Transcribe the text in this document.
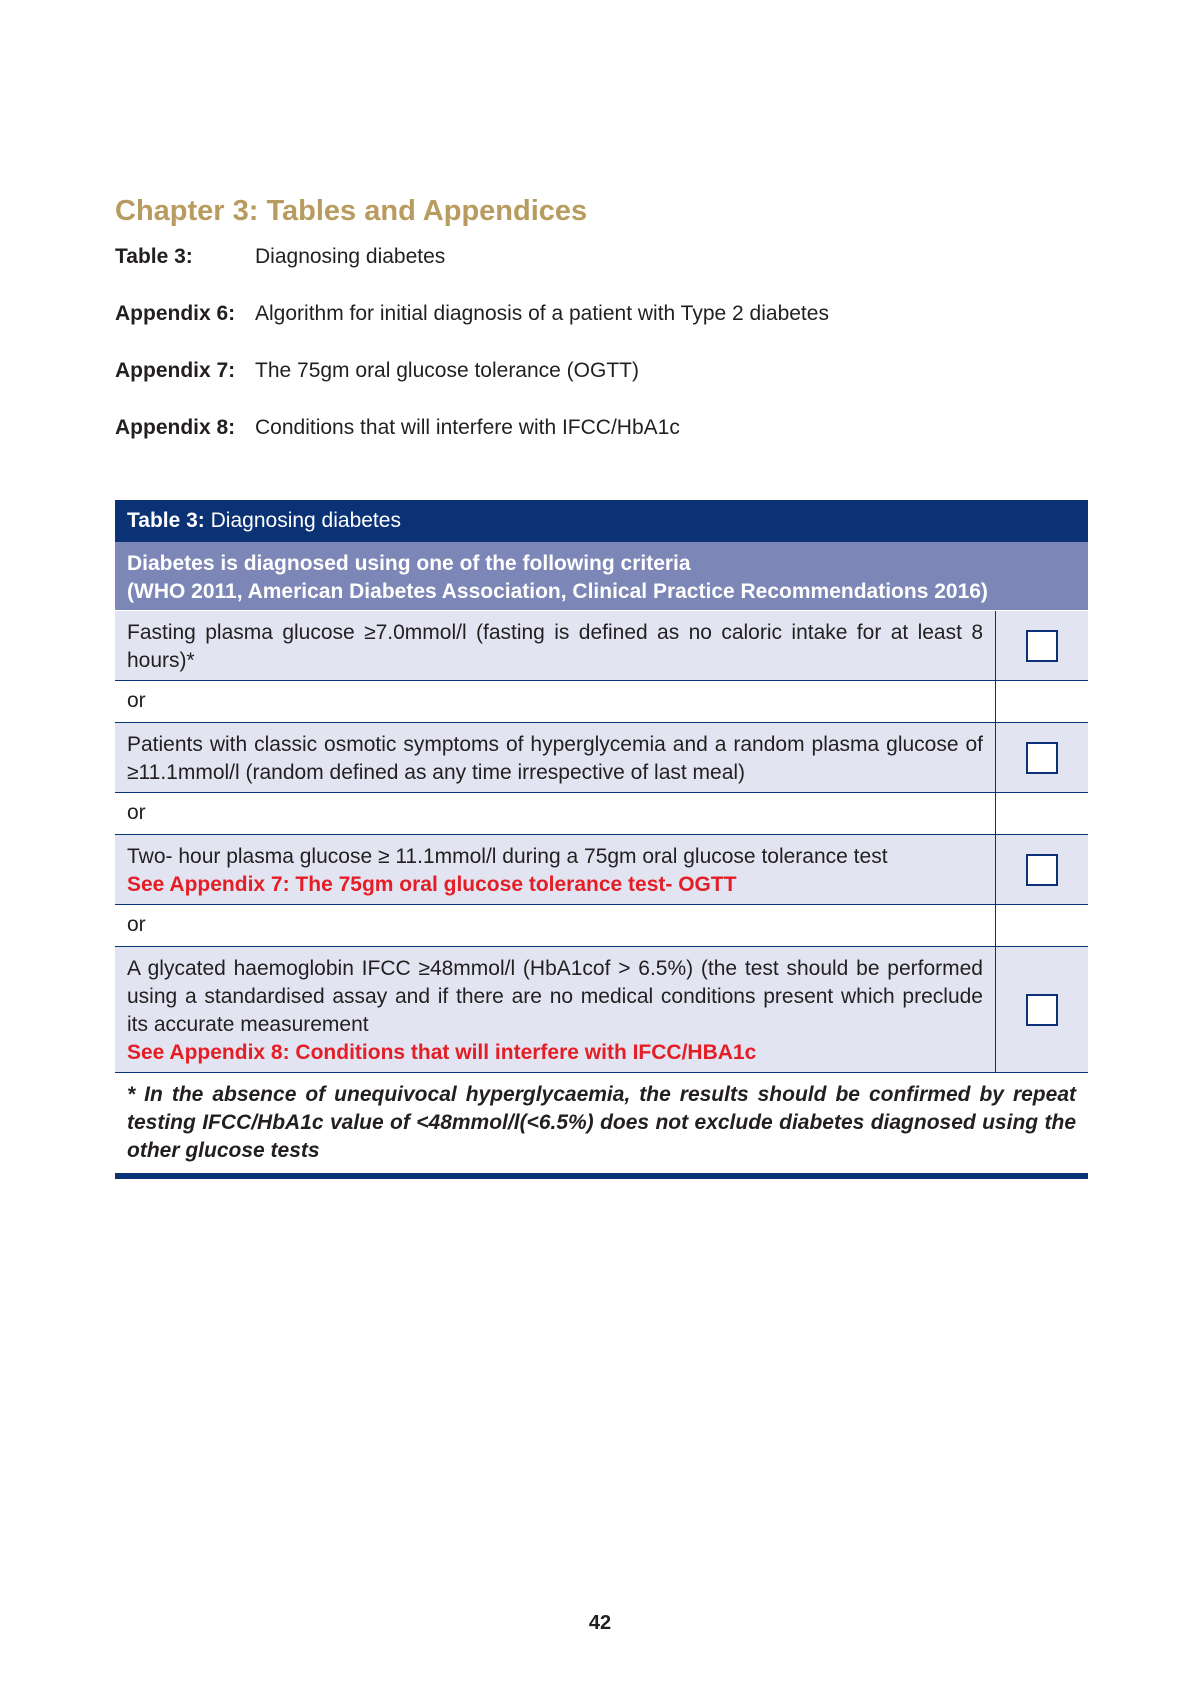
Chapter 3: Tables and Appendices
Table 3:	Diagnosing diabetes
Appendix 6: Algorithm for initial diagnosis of a patient with Type 2 diabetes
Appendix 7: The 75gm oral glucose tolerance (OGTT)
Appendix 8: Conditions that will interfere with IFCC/HbA1c
Table 3: Diagnosing diabetes
Diabetes is diagnosed using one of the following criteria
(WHO 2011, American Diabetes Association, Clinical Practice Recommendations 2016)
Fasting plasma glucose ≥7.0mmol/l (fasting is defined as no caloric intake for at least 8 hours)*
or
Patients with classic osmotic symptoms of hyperglycemia and a random plasma glucose of ≥11.1mmol/l (random defined as any time irrespective of last meal)
or
Two- hour plasma glucose ≥ 11.1mmol/l during a 75gm oral glucose tolerance test
See Appendix 7: The 75gm oral glucose tolerance test- OGTT
or
A glycated haemoglobin IFCC ≥48mmol/l (HbA1cof > 6.5%) (the test should be performed using a standardised assay and if there are no medical conditions present which preclude its accurate measurement
See Appendix 8: Conditions that will interfere with IFCC/HBA1c
* In the absence of unequivocal hyperglycaemia, the results should be confirmed by repeat testing IFCC/HbA1c value of <48mmol/l(<6.5%) does not exclude diabetes diagnosed using the other glucose tests
42
